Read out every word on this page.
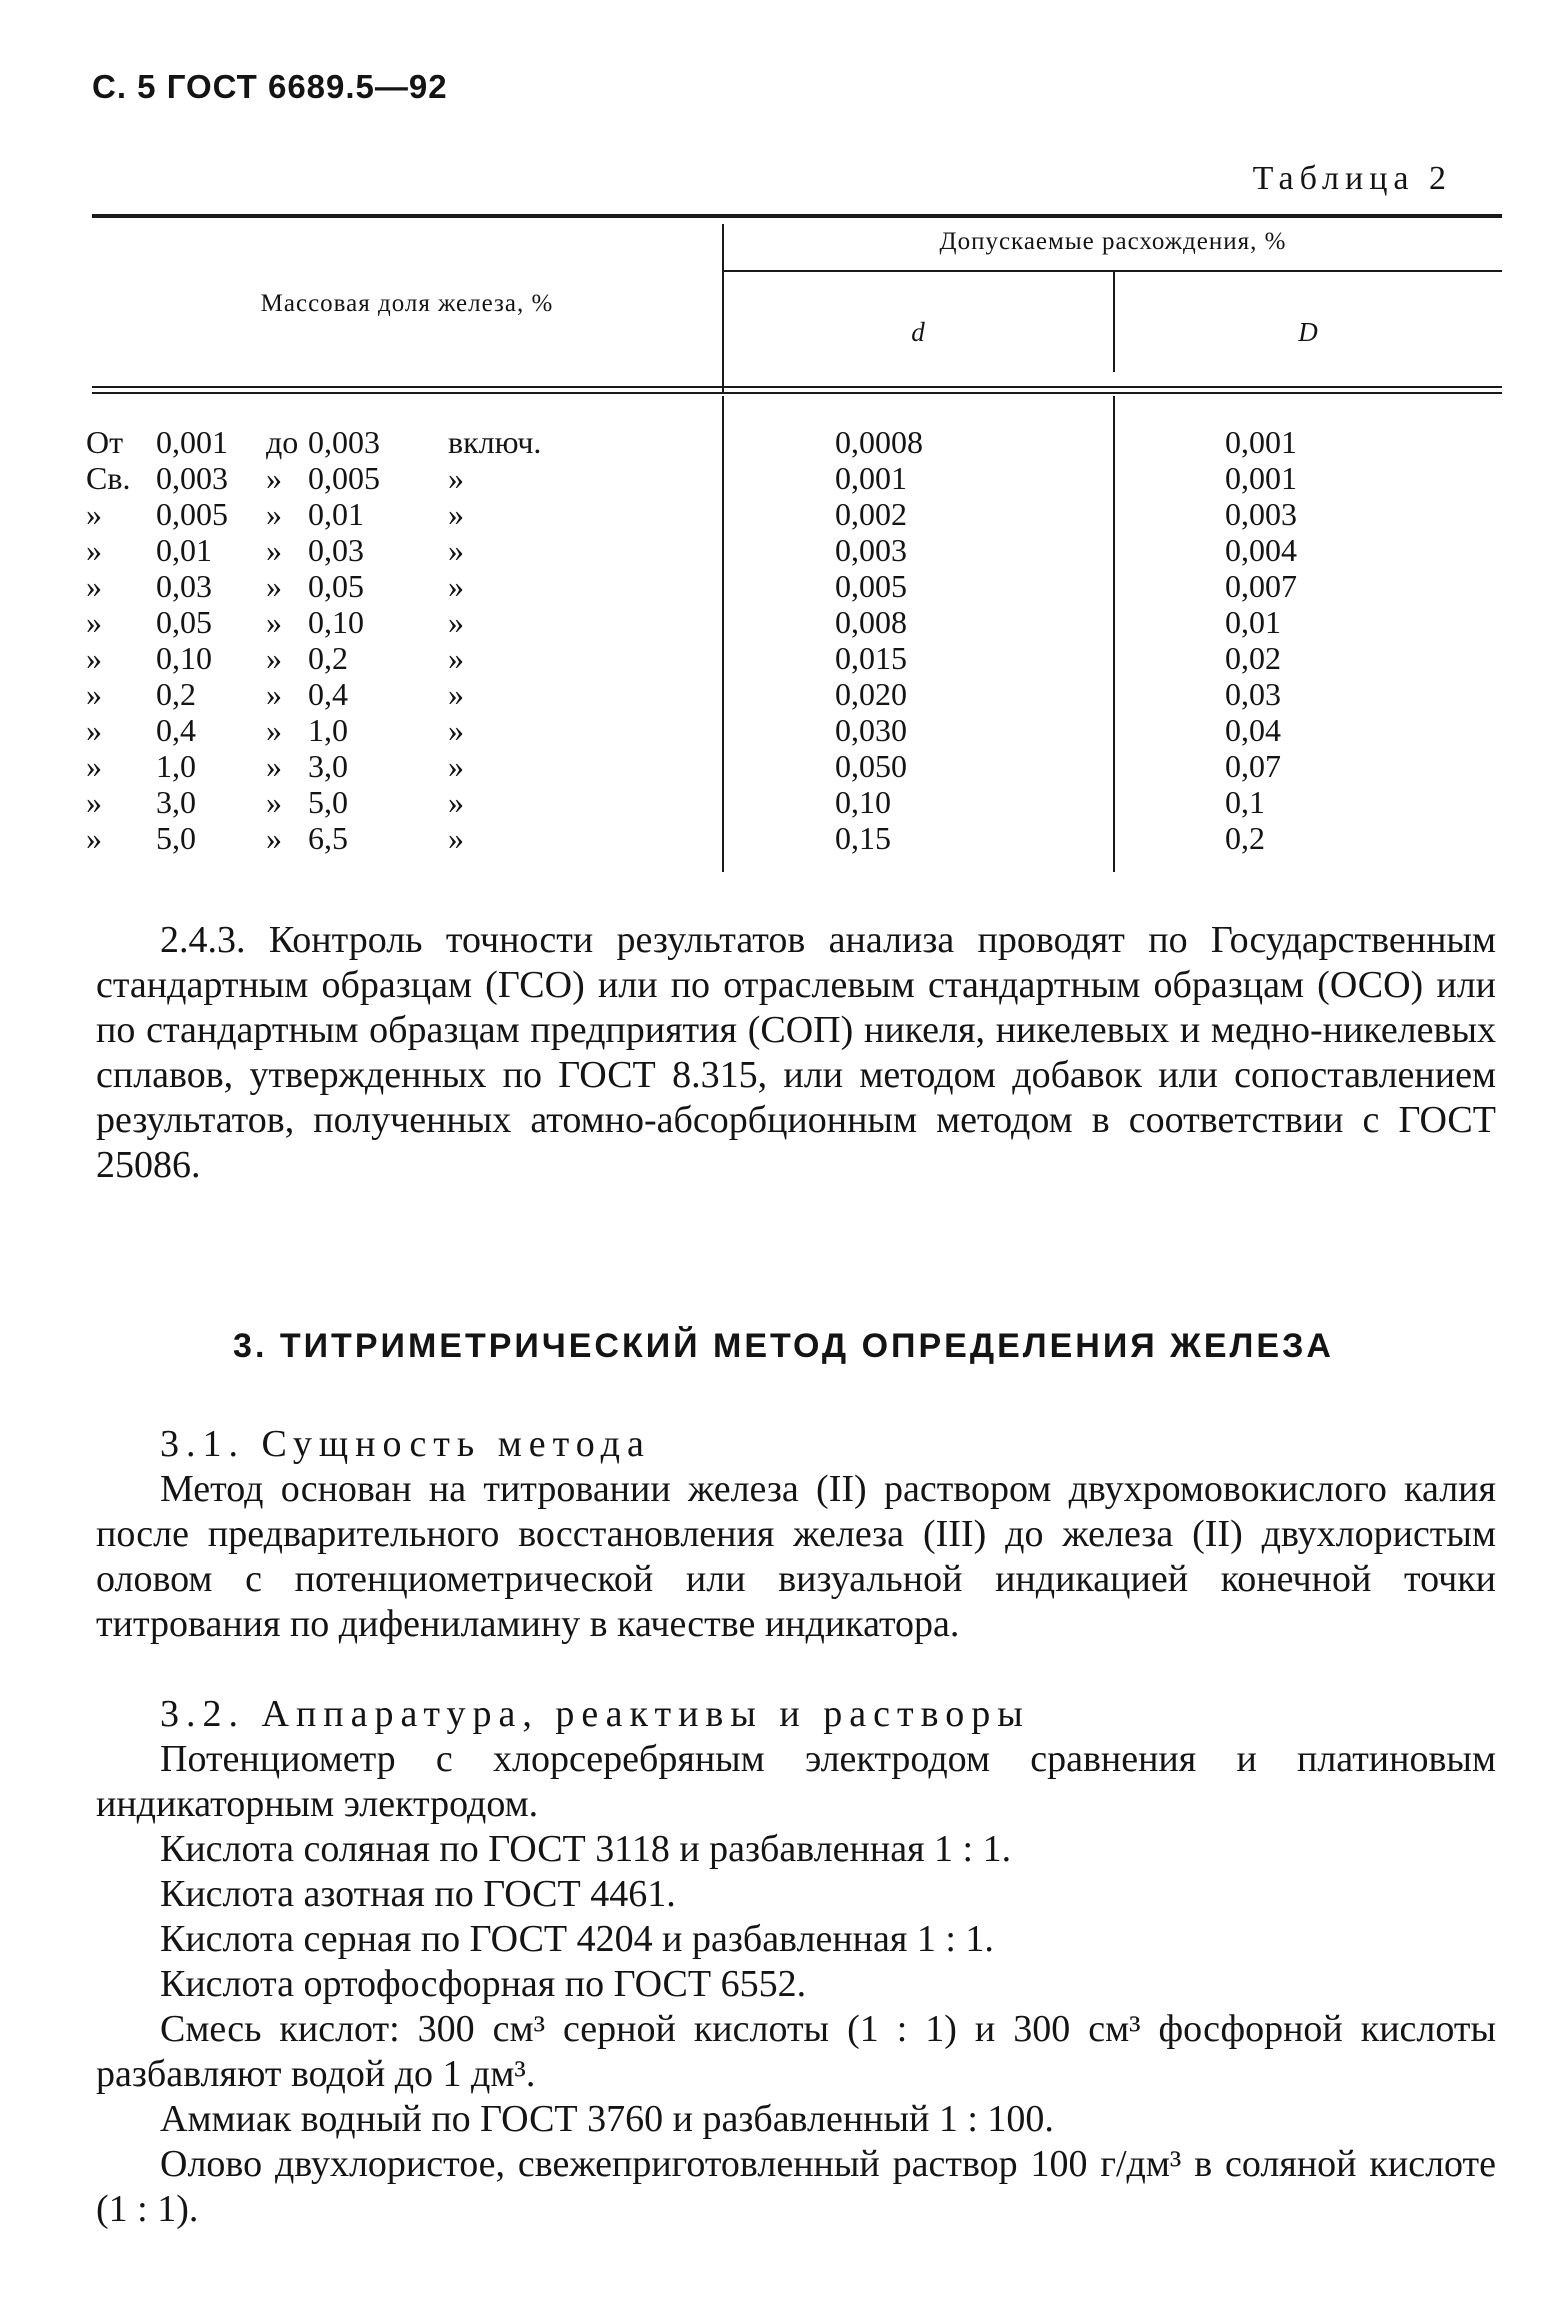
С. 5 ГОСТ 6689.5—92
Таблица 2
Массовая доля железа, %
Допускаемые расхождения, %
d	D
От 0,001 до 0,003 включ.	0,0008	0,001
Св. 0,003 » 0,005 »	0,001	0,001
» 0,005 » 0,01	»	0,002	0,003
» 0,01 » 0,03	»	0,003	0,004
» 0,03 » 0,05	»	0,005	0,007
» 0,05 » 0,10	»	0,008	0,01
» 0,10 » 0,2	»	0,015	0,02
» 0,2 » 0,4	»	0,020	0,03
» 0,4 » 1,0	»	0,030	0,04
» 1,0 » 3,0	»	0,050	0,07
» 3,0 » 5,0	»	0,10	0,1
» 5,0 » 6,5	»	0,15	0,2

2.4.3. Контроль точности результатов анализа проводят по Государственным стандартным образцам (ГСО) или по отраслевым стандартным образцам (ОСО) или по стандартным образцам предприятия (СОП) никеля, никелевых и медно-никелевых сплавов, утвержденных по ГОСТ 8.315, или методом добавок или сопоставлением результатов, полученных атомно-абсорбционным методом в соответствии с ГОСТ 25086.

3. ТИТРИМЕТРИЧЕСКИЙ МЕТОД ОПРЕДЕЛЕНИЯ ЖЕЛЕЗА
3.1. Сущность метода

Метод основан на титровании железа (II) раствором двухромовокислого калия после предварительного восстановления железа (III) до железа (II) двухлористым оловом с потенциометрической или визуальной индикацией конечной точки титрования по дифениламину в качестве индикатора.

3.2. Аппаратура, реактивы и растворы

Потенциометр с хлорсеребряным электродом сравнения и платиновым индикаторным электродом.

Кислота соляная по ГОСТ 3118 и разбавленная 1 : 1.
Кислота азотная по ГОСТ 4461.
Кислота серная по ГОСТ 4204 и разбавленная 1 : 1.
Кислота ортофосфорная по ГОСТ 6552.

Смесь кислот: 300 см³ серной кислоты (1 : 1) и 300 см³ фосфорной кислоты разбавляют водой до 1 дм³.

Аммиак водный по ГОСТ 3760 и разбавленный 1 : 100.

Олово двухлористое, свежеприготовленный раствор 100 г/дм³ в соляной кислоте (1 : 1).
